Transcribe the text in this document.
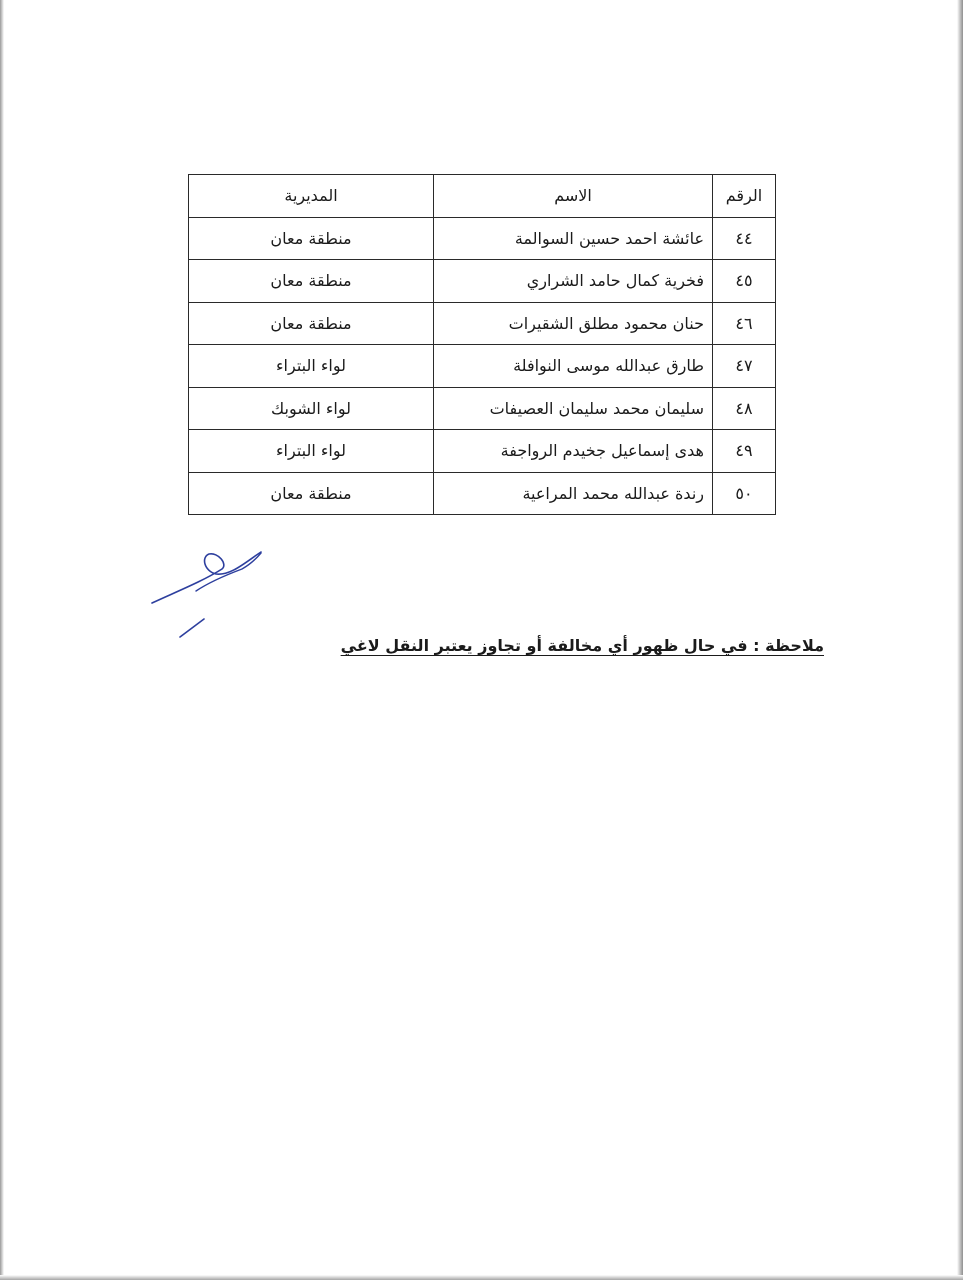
الرقم	الاسم	المديرية
٤٤	عائشة احمد حسين السوالمة	منطقة معان
٤٥	فخرية كمال حامد الشراري	منطقة معان
٤٦	حنان محمود مطلق الشقيرات	منطقة معان
٤٧	طارق عبدالله موسى النوافلة	لواء البتراء
٤٨	سليمان محمد سليمان العصيفات	لواء الشوبك
٤٩	هدى إسماعيل جخيدم الرواجفة	لواء البتراء
٥٠	رندة عبدالله محمد المراعية	منطقة معان
ملاحظة : في حال ظهور أي مخالفة أو تجاوز يعتبر النقل لاغي
